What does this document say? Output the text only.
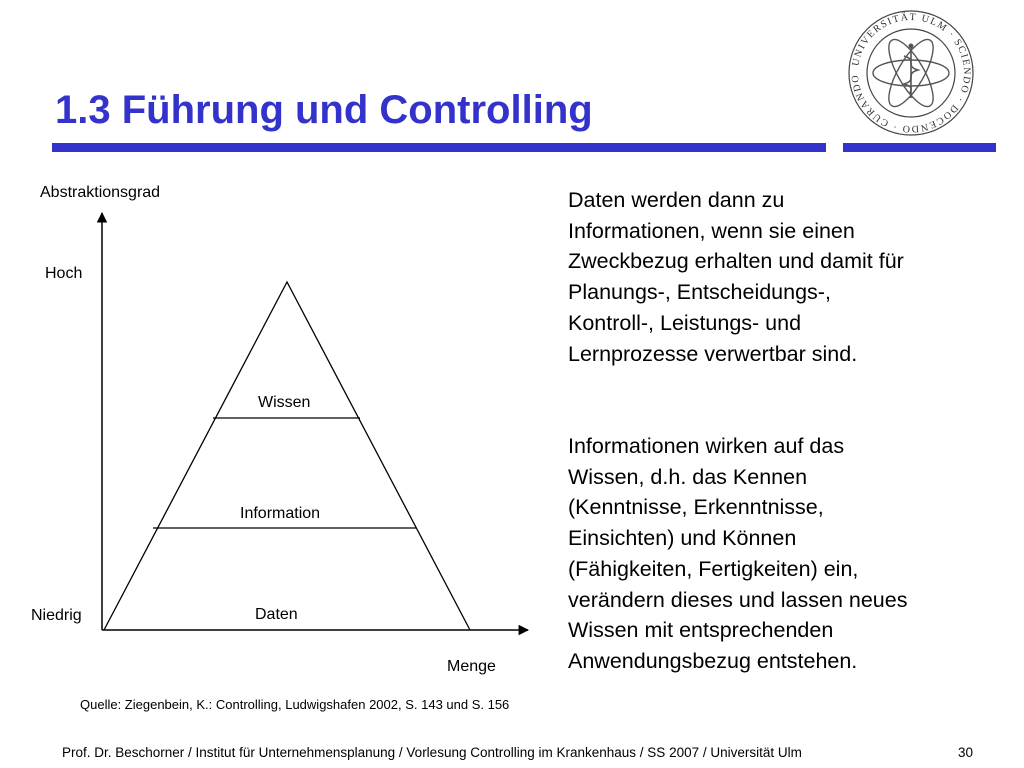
1.3 Führung und Controlling
UNIVERSITÄT ULM · SCIENDO · DOCENDO · CURANDO
Abstraktionsgrad
Hoch
Niedrig
Menge
Wissen
Information
Daten

Daten werden dann zu
Informationen, wenn sie einen
Zweckbezug erhalten und damit für
Planungs-, Entscheidungs-,
Kontroll-, Leistungs- und
Lernprozesse verwertbar sind.

Informationen wirken auf das
Wissen, d.h. das Kennen
(Kenntnisse, Erkenntnisse,
Einsichten) und Können
(Fähigkeiten, Fertigkeiten) ein,
verändern dieses und lassen neues
Wissen mit entsprechenden
Anwendungsbezug entstehen.

Quelle: Ziegenbein, K.: Controlling, Ludwigshafen 2002, S. 143 und S. 156
Prof. Dr. Beschorner / Institut für Unternehmensplanung / Vorlesung Controlling im Krankenhaus / SS 2007 / Universität Ulm	30
